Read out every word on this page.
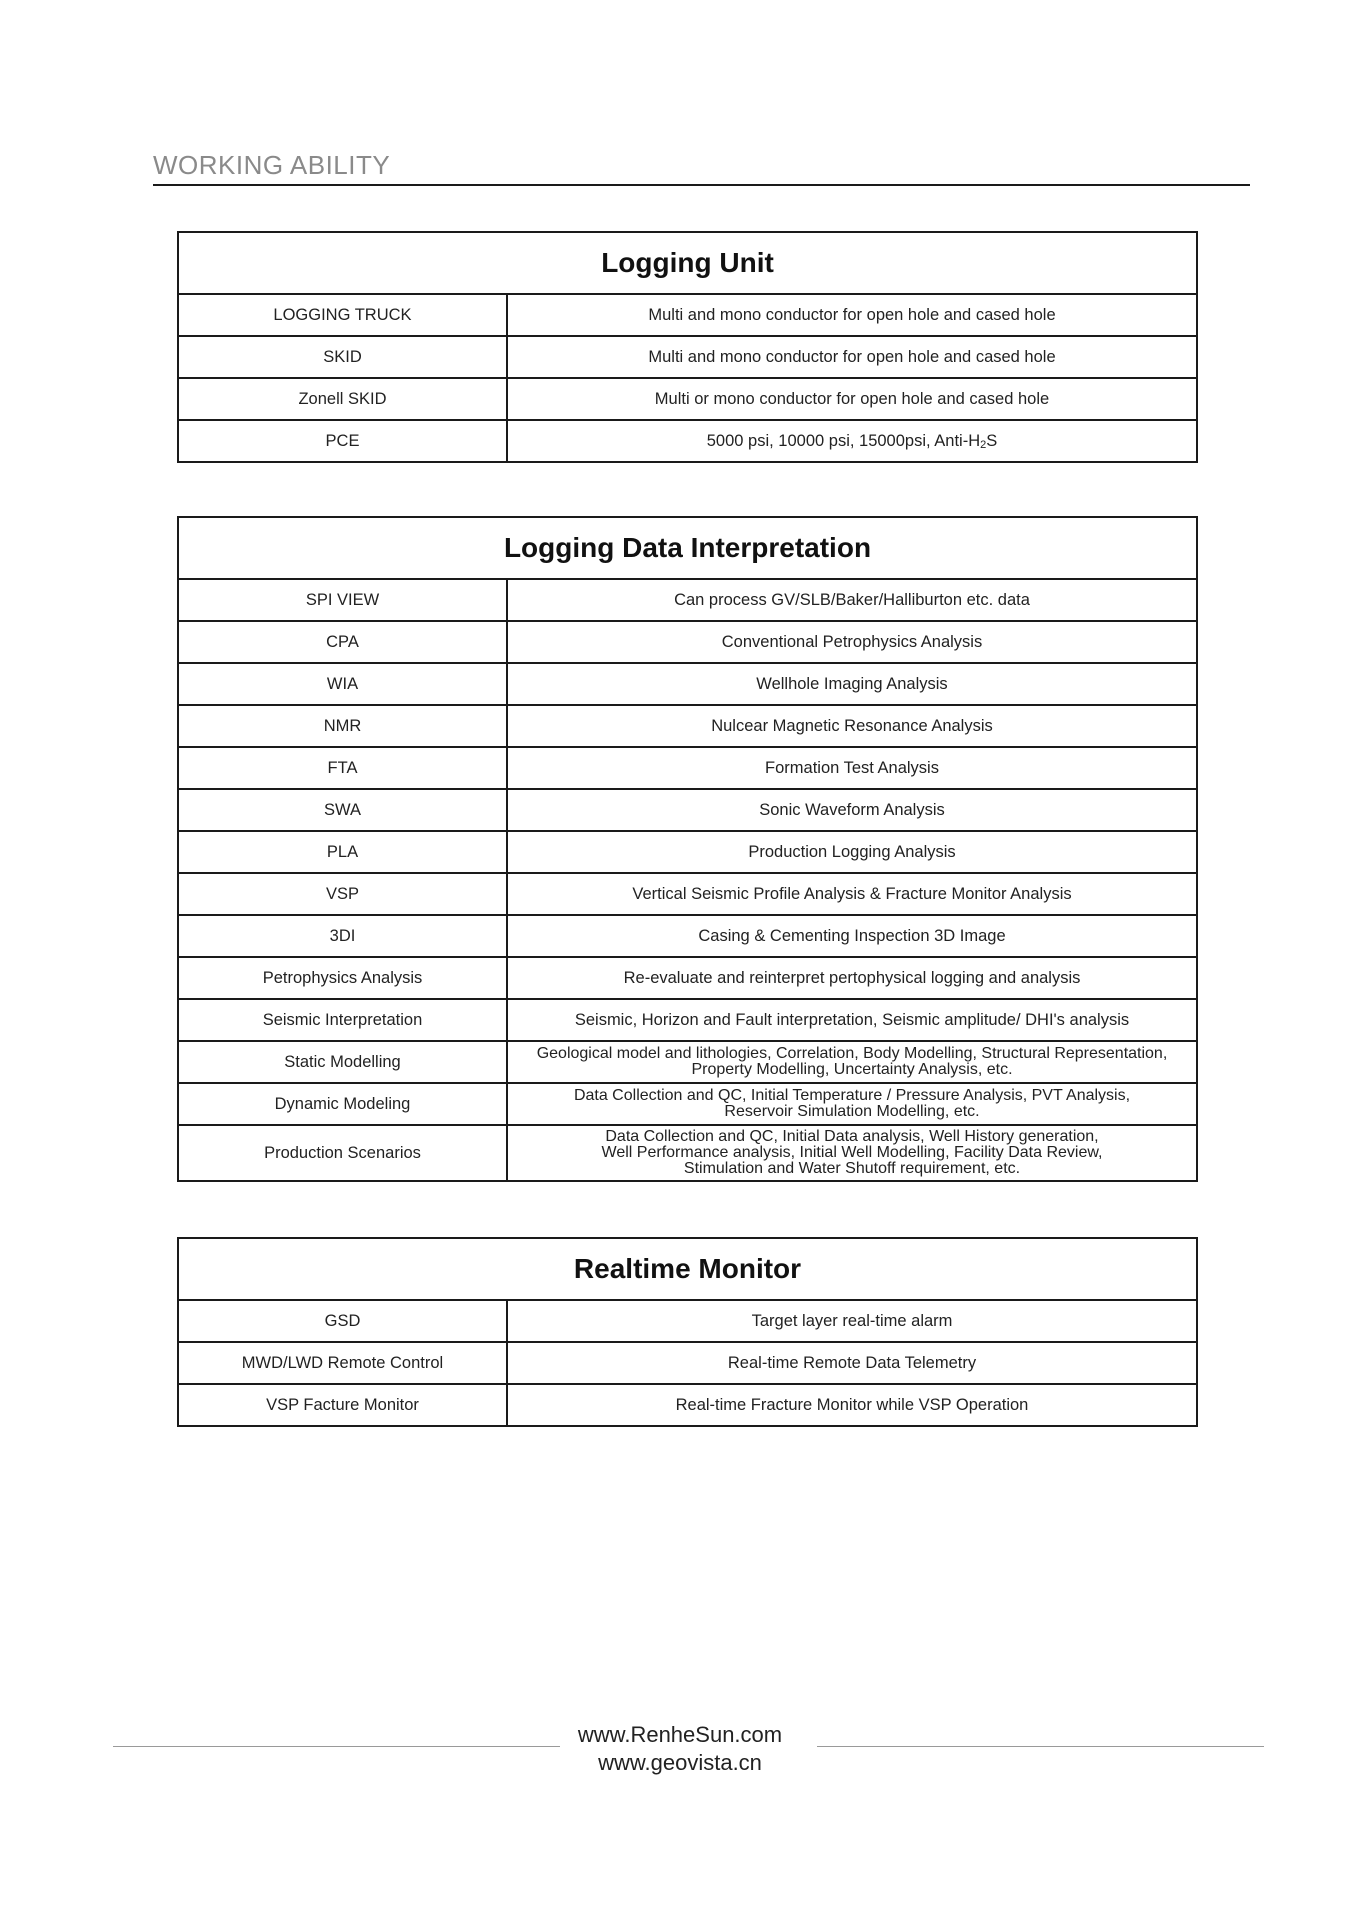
WORKING ABILITY
Logging Unit	
LOGGING TRUCK	Multi and mono conductor for open hole and cased hole
SKID	Multi and mono conductor for open hole and cased hole
Zonell SKID	Multi or mono conductor for open hole and cased hole
PCE	5000 psi, 10000 psi, 15000psi, Anti-$H_2S$
Logging Data Interpretation	
SPI VIEW	Can process GV/SLB/Baker/Halliburton etc. data
CPA	Conventional Petrophysics Analysis
WIA	Wellhole Imaging Analysis
NMR	Nulcear Magnetic Resonance Analysis
FTA	Formation Test Analysis
SWA	Sonic Waveform Analysis
PLA	Production Logging Analysis
VSP	Vertical Seismic Profile Analysis & Fracture Monitor Analysis
3DI	Casing & Cementing Inspection 3D Image
Petrophysics Analysis	Re-evaluate and reinterpret pertophysical logging and analysis
Seismic Interpretation	Seismic, Horizon and Fault interpretation, Seismic amplitude/ DHI's analysis
Static Modelling	Geological model and lithologies, Correlation, Body Modelling, Structural Representation,
Property Modelling, Uncertainty Analysis, etc.

Dynamic Modeling	Data Collection and QC, Initial Temperature / Pressure Analysis, PVT Analysis,
Reservoir Simulation Modelling, etc.

Production Scenarios	Data Collection and QC, Initial Data analysis, Well History generation,
Well Performance analysis, Initial Well Modelling, Facility Data Review,
Stimulation and Water Shutoff requirement, etc.
Realtime Monitor	
GSD	Target layer real-time alarm
MWD/LWD Remote Control	Real-time Remote Data Telemetry
VSP Facture Monitor	Real-time Fracture Monitor while VSP Operation
www.RenheSun.com
www.geovista.cn
